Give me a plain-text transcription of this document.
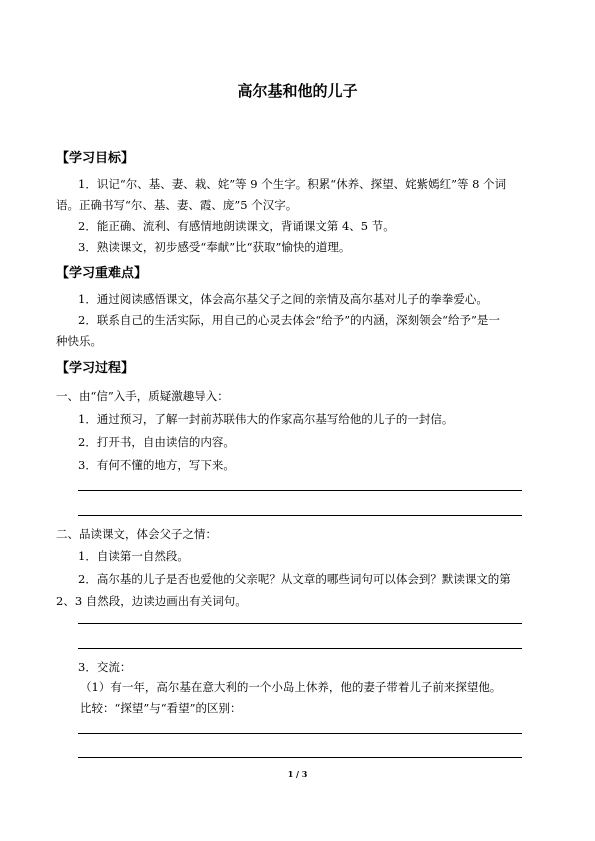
高尔基和他的儿子
【学习目标】
1．识记“尔、基、妻、栽、姹”等 9 个生字。积累“休养、探望、姹紫嫣红”等 8 个词
语。正确书写“尔、基、妻、霞、庞”5 个汉字。
2．能正确、流利、有感情地朗读课文，背诵课文第 4、5 节。
3．熟读课文，初步感受“奉献”比“获取”愉快的道理。
【学习重难点】
1．通过阅读感悟课文，体会高尔基父子之间的亲情及高尔基对儿子的拳拳爱心。
2．联系自己的生活实际，用自己的心灵去体会“给予”的内涵，深刻领会“给予”是一
种快乐。
【学习过程】
一、由“信”入手，质疑激趣导入：
1．通过预习，了解一封前苏联伟大的作家高尔基写给他的儿子的一封信。
2．打开书，自由读信的内容。
3．有何不懂的地方，写下来。
二、品读课文，体会父子之情：
1．自读第一自然段。
2．高尔基的儿子是否也爱他的父亲呢？从文章的哪些词句可以体会到？默读课文的第
2、3 自然段，边读边画出有关词句。
3．交流：
（1）有一年，高尔基在意大利的一个小岛上休养，他的妻子带着儿子前来探望他。
比较：“探望”与“看望”的区别：
1 / 3
